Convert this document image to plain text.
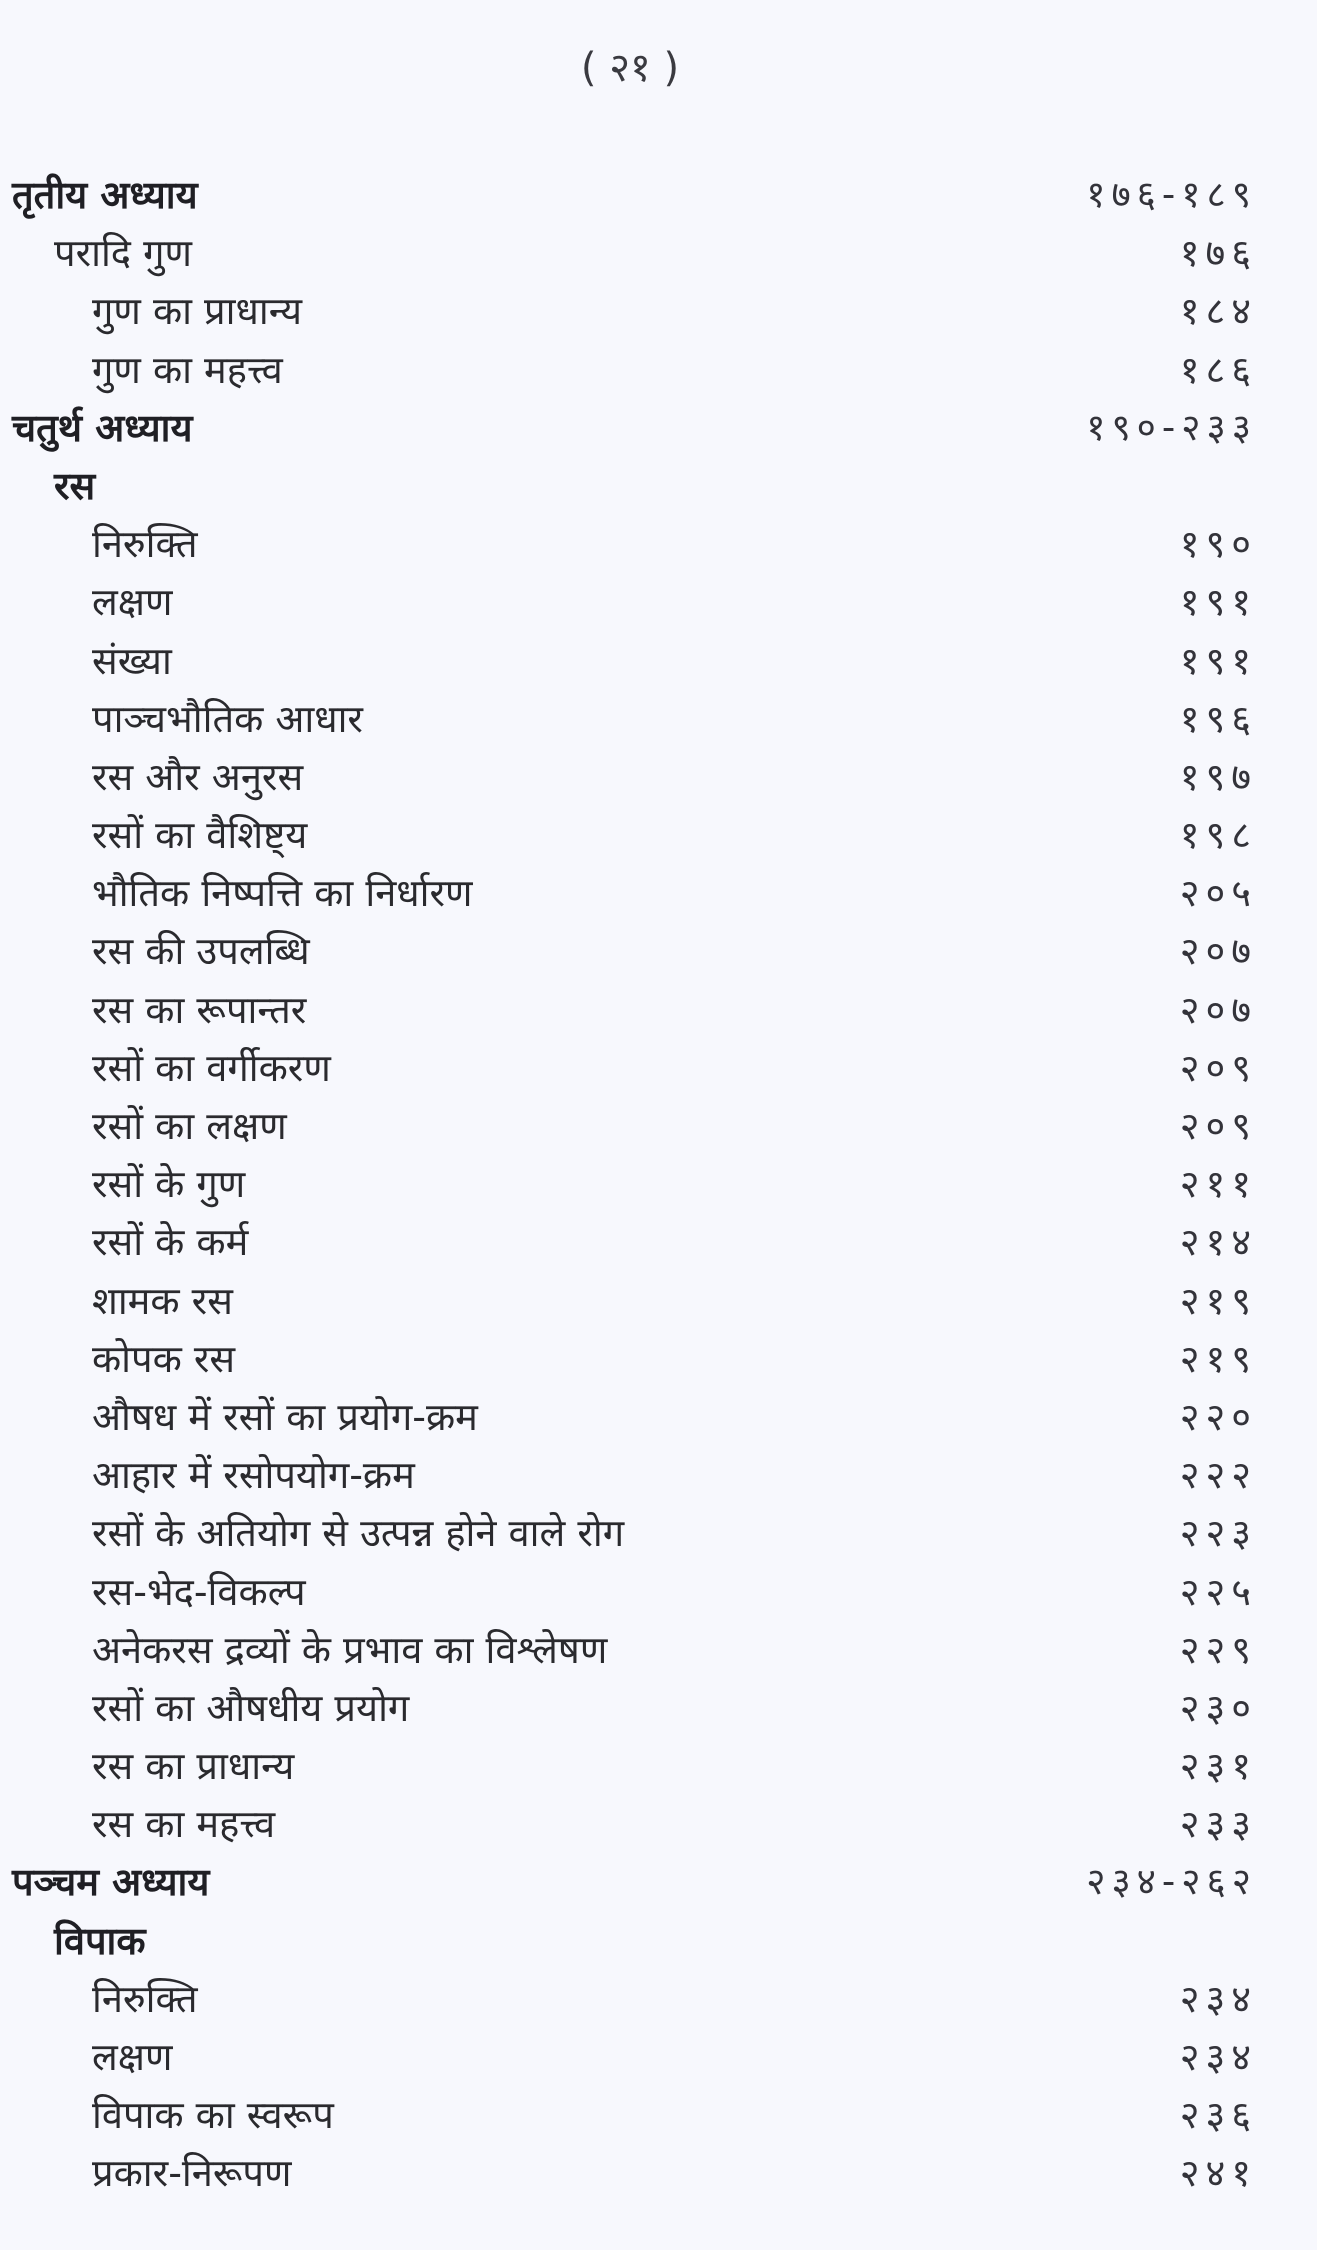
( २१ )
तृतीय अध्याय	१७६-१८९
परादि गुण	१७६
गुण का प्राधान्य	१८४
गुण का महत्त्व	१८६
चतुर्थ अध्याय	१९०-२३३
रस
निरुक्ति	१९०
लक्षण	१९१
संख्या	१९१
पाञ्चभौतिक आधार	१९६
रस और अनुरस	१९७
रसों का वैशिष्ट्य	१९८
भौतिक निष्पत्ति का निर्धारण	२०५
रस की उपलब्धि	२०७
रस का रूपान्तर	२०७
रसों का वर्गीकरण	२०९
रसों का लक्षण	२०९
रसों के गुण	२११
रसों के कर्म	२१४
शामक रस	२१९
कोपक रस	२१९
औषध में रसों का प्रयोग-क्रम	२२०
आहार में रसोपयोग-क्रम	२२२
रसों के अतियोग से उत्पन्न होने वाले रोग	२२३
रस-भेद-विकल्प	२२५
अनेकरस द्रव्यों के प्रभाव का विश्लेषण	२२९
रसों का औषधीय प्रयोग	२३०
रस का प्राधान्य	२३१
रस का महत्त्व	२३३
पञ्चम अध्याय	२३४-२६२
विपाक
निरुक्ति	२३४
लक्षण	२३४
विपाक का स्वरूप	२३६
प्रकार-निरूपण	२४१
